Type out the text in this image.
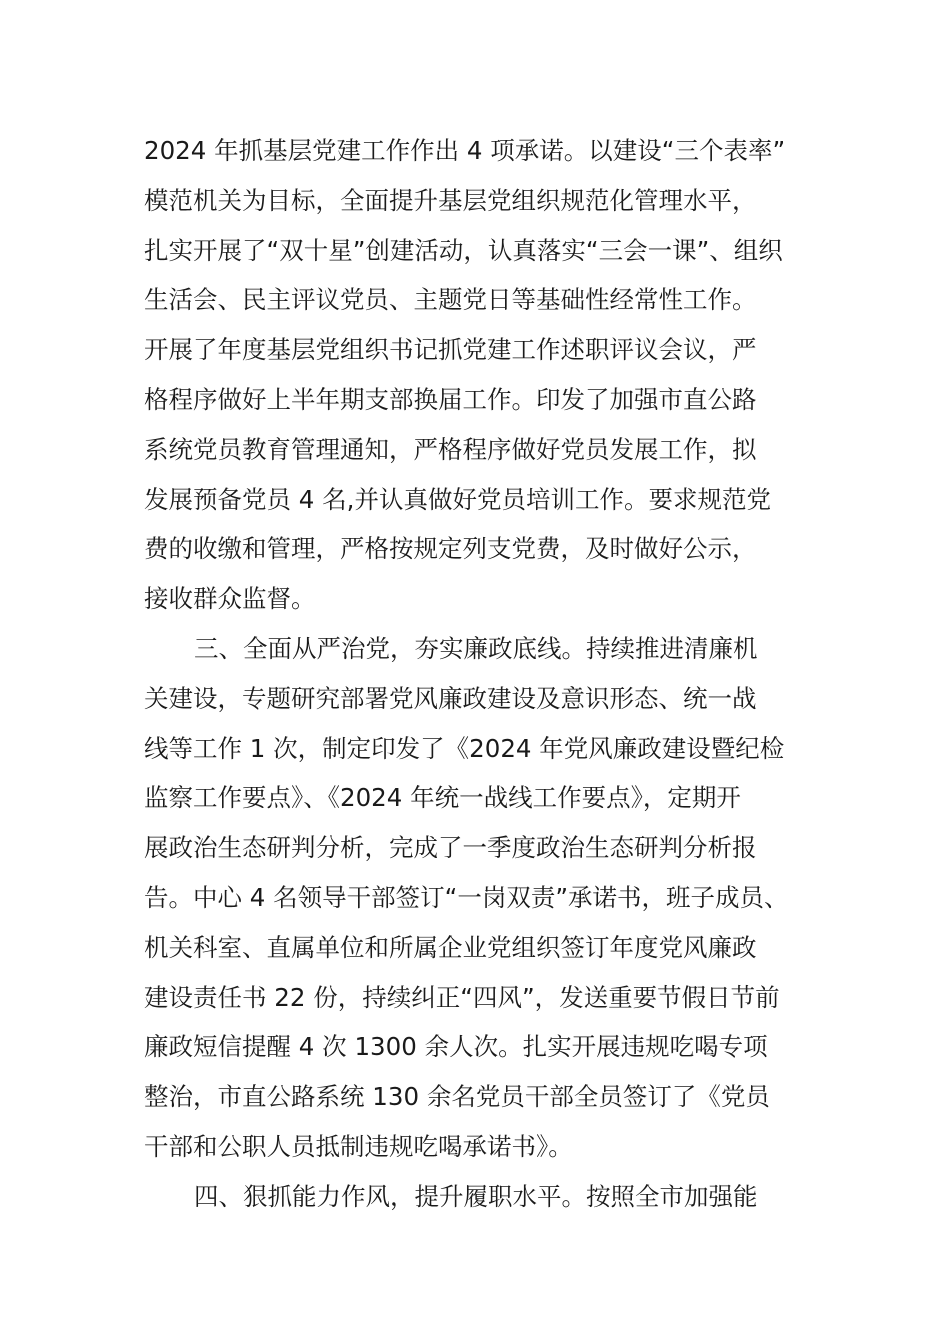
2024 年抓基层党建工作作出 4 项承诺。以建设“三个表率”
模范机关为目标，全面提升基层党组织规范化管理水平，
扎实开展了“双十星”创建活动，认真落实“三会一课”、组织
生活会、民主评议党员、主题党日等基础性经常性工作。
开展了年度基层党组织书记抓党建工作述职评议会议，严
格程序做好上半年期支部换届工作。印发了加强市直公路
系统党员教育管理通知，严格程序做好党员发展工作，拟
发展预备党员 4 名,并认真做好党员培训工作。要求规范党
费的收缴和管理，严格按规定列支党费，及时做好公示，
接收群众监督。
三、全面从严治党，夯实廉政底线。持续推进清廉机
关建设，专题研究部署党风廉政建设及意识形态、统一战
线等工作 1 次，制定印发了《2024 年党风廉政建设暨纪检
监察工作要点》、《2024 年统一战线工作要点》，定期开
展政治生态研判分析，完成了一季度政治生态研判分析报
告。中心 4 名领导干部签订“一岗双责”承诺书，班子成员、
机关科室、直属单位和所属企业党组织签订年度党风廉政
建设责任书 22 份，持续纠正“四风”，发送重要节假日节前
廉政短信提醒 4 次 1300 余人次。扎实开展违规吃喝专项
整治，市直公路系统 130 余名党员干部全员签订了《党员
干部和公职人员抵制违规吃喝承诺书》。
四、狠抓能力作风，提升履职水平。按照全市加强能
